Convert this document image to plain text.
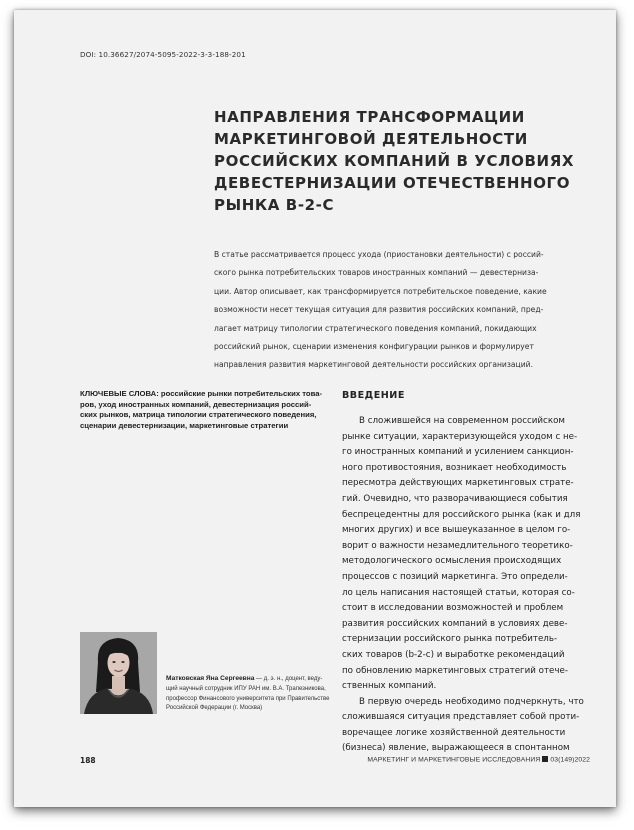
DOI: 10.36627/2074-5095-2022-3-3-188-201
НАПРАВЛЕНИЯ ТРАНСФОРМАЦИИ
МАРКЕТИНГОВОЙ ДЕЯТЕЛЬНОСТИ
РОССИЙСКИХ КОМПАНИЙ В УСЛОВИЯХ
ДЕВЕСТЕРНИЗАЦИИ ОТЕЧЕСТВЕННОГО
РЫНКА В-2-С
В статье рассматривается процесс ухода (приостановки деятельности) с россий-
ского рынка потребительских товаров иностранных компаний — девестерниза-
ции. Автор описывает, как трансформируется потребительское поведение, какие
возможности несет текущая ситуация для развития российских компаний, пред-
лагает матрицу типологии стратегического поведения компаний, покидающих
российский рынок, сценарии изменения конфигурации рынков и формулирует
направления развития маркетинговой деятельности российских организаций.
КЛЮЧЕВЫЕ СЛОВА: российские рынки потребительских това-
ров, уход иностранных компаний, девестернизация россий-
ских рынков, матрица типологии стратегического поведения,
сценарии девестернизации, маркетинговые стратегии
Матковская Яна Сергеевна — д. э. н., доцент, веду-
щий научный сотрудник ИПУ РАН им. В.А. Трапезникова,
профессор Финансового университета при Правительстве
Российской Федерации (г. Москва)
ВВЕДЕНИЕ
В сложившейся на современном российском
рынке ситуации, характеризующейся уходом с не-
го иностранных компаний и усилением санкцион-
ного противостояния, возникает необходимость
пересмотра действующих маркетинговых страте-
гий. Очевидно, что разворачивающиеся события
беспрецедентны для российского рынка (как и для
многих других) и все вышеуказанное в целом го-
ворит о важности незамедлительного теоретико-
методологического осмысления происходящих
процессов с позиций маркетинга. Это определи-
ло цель написания настоящей статьи, которая со-
стоит в исследовании возможностей и проблем
развития российских компаний в условиях деве-
стернизации российского рынка потребитель-
ских товаров (b-2-c) и выработке рекомендаций
по обновлению маркетинговых стратегий отече-
ственных компаний.
В первую очередь необходимо подчеркнуть, что
сложившаяся ситуация представляет собой проти-
воречащее логике хозяйственной деятельности
(бизнеса) явление, выражающееся в спонтанном
188	МАРКЕТИНГ И МАРКЕТИНГОВЫЕ ИССЛЕДОВАНИЯ 03(149)2022
